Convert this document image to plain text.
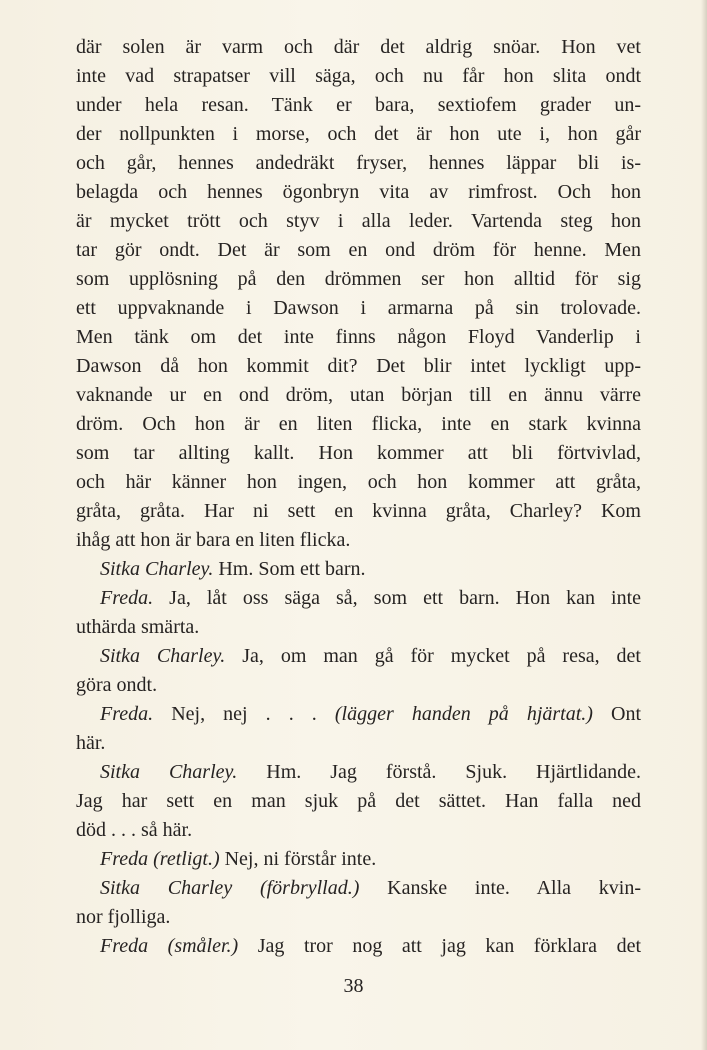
där solen är varm och där det aldrig snöar. Hon vet
inte vad strapatser vill säga, och nu får hon slita ondt
under hela resan. Tänk er bara, sextiofem grader un-
der nollpunkten i morse, och det är hon ute i, hon går
och går, hennes andedräkt fryser, hennes läppar bli is-
belagda och hennes ögonbryn vita av rimfrost. Och hon
är mycket trött och styv i alla leder. Vartenda steg hon
tar gör ondt. Det är som en ond dröm för henne. Men
som upplösning på den drömmen ser hon alltid för sig
ett uppvaknande i Dawson i armarna på sin trolovade.
Men tänk om det inte finns någon Floyd Vanderlip i
Dawson då hon kommit dit? Det blir intet lyckligt upp-
vaknande ur en ond dröm, utan början till en ännu värre
dröm. Och hon är en liten flicka, inte en stark kvinna
som tar allting kallt. Hon kommer att bli förtvivlad,
och här känner hon ingen, och hon kommer att gråta,
gråta, gråta. Har ni sett en kvinna gråta, Charley? Kom
ihåg att hon är bara en liten flicka.
Sitka Charley. Hm. Som ett barn.
Freda. Ja, låt oss säga så, som ett barn. Hon kan inte
uthärda smärta.
Sitka Charley. Ja, om man gå för mycket på resa, det
göra ondt.
Freda. Nej, nej . . . (lägger handen på hjärtat.) Ont
här.
Sitka Charley. Hm. Jag förstå. Sjuk. Hjärtlidande.
Jag har sett en man sjuk på det sättet. Han falla ned
död . . . så här.
Freda (retligt.) Nej, ni förstår inte.
Sitka Charley (förbryllad.) Kanske inte. Alla kvin-
nor fjolliga.
Freda (småler.) Jag tror nog att jag kan förklara det
38
